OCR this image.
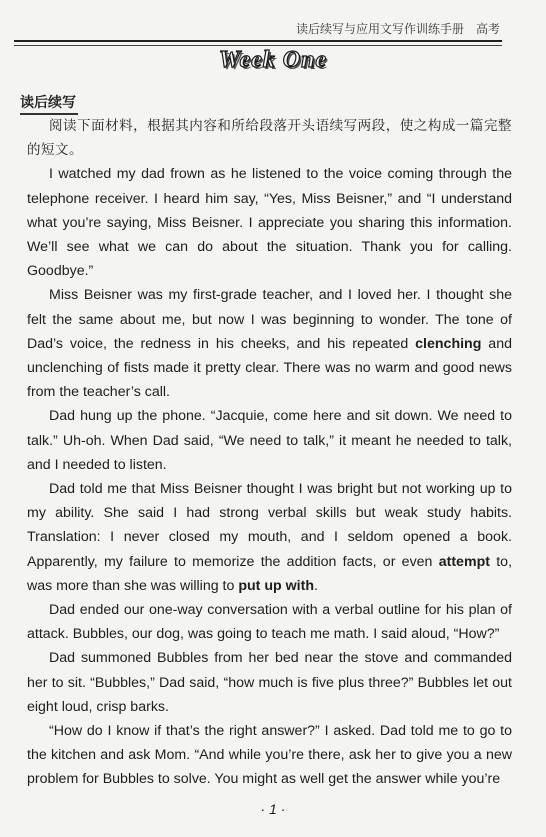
读后续写与应用文写作训练手册　高考
Week One
读后续写

阅读下面材料，根据其内容和所给段落开头语续写两段，使之构成一篇完整的短文。

I watched my dad frown as he listened to the voice coming through the telephone receiver. I heard him say, “Yes, Miss Beisner,” and “I understand what you’re saying, Miss Beisner. I appreciate you sharing this information. We’ll see what we can do about the situation. Thank you for calling. Goodbye.”

Miss Beisner was my first-grade teacher, and I loved her. I thought she felt the same about me, but now I was beginning to wonder. The tone of Dad’s voice, the redness in his cheeks, and his repeated clenching and unclenching of fists made it pretty clear. There was no warm and good news from the teacher’s call.

Dad hung up the phone. “Jacquie, come here and sit down. We need to talk.” Uh-oh. When Dad said, “We need to talk,” it meant he needed to talk, and I needed to listen.

Dad told me that Miss Beisner thought I was bright but not working up to my ability. She said I had strong verbal skills but weak study habits. Translation: I never closed my mouth, and I seldom opened a book. Apparently, my failure to memorize the addition facts, or even attempt to, was more than she was willing to put up with.

Dad ended our one-way conversation with a verbal outline for his plan of attack. Bubbles, our dog, was going to teach me math. I said aloud, “How?”

Dad summoned Bubbles from her bed near the stove and commanded her to sit. “Bubbles,” Dad said, “how much is five plus three?” Bubbles let out eight loud, crisp barks.

“How do I know if that’s the right answer?” I asked. Dad told me to go to the kitchen and ask Mom. “And while you’re there, ask her to give you a new problem for Bubbles to solve. You might as well get the answer while you’re

· 1 ·
